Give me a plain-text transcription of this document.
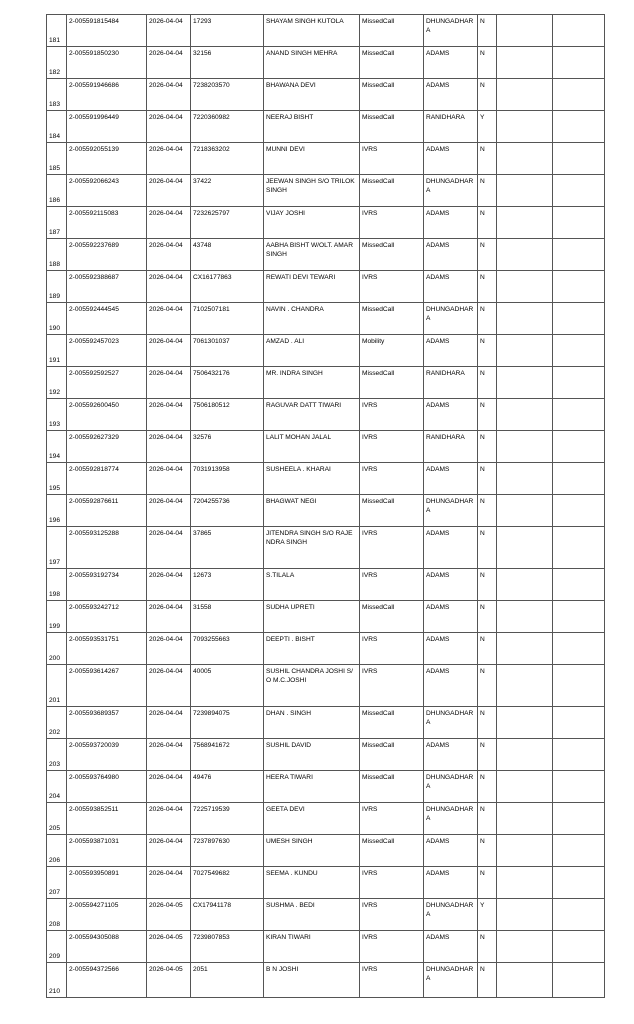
181	2-005591815484	2026-04-04	17293	SHAYAM SINGH KUTOLA	MissedCall	DHUNGADHAR A	N		
182	2-005591850230	2026-04-04	32156	ANAND SINGH MEHRA	MissedCall	ADAMS	N		
183	2-005591946686	2026-04-04	7238203570	BHAWANA DEVI	MissedCall	ADAMS	N		
184	2-005591996449	2026-04-04	7220360982	NEERAJ BISHT	MissedCall	RANIDHARA	Y		
185	2-005592055139	2026-04-04	7218363202	MUNNI DEVI	IVRS	ADAMS	N		
186	2-005592066243	2026-04-04	37422	JEEWAN SINGH S/O TRILOK SINGH	MissedCall	DHUNGADHAR A	N		
187	2-005592115083	2026-04-04	7232625797	VIJAY JOSHI	IVRS	ADAMS	N		
188	2-005592237689	2026-04-04	43748	AABHA BISHT W/OLT. AMAR SINGH	MissedCall	ADAMS	N		
189	2-005592388687	2026-04-04	CX16177863	REWATI DEVI TEWARI	IVRS	ADAMS	N		
190	2-005592444545	2026-04-04	7102507181	NAVIN . CHANDRA	MissedCall	DHUNGADHAR A	N		
191	2-005592457023	2026-04-04	7061301037	AMZAD . ALI	Mobility	ADAMS	N		
192	2-005592592527	2026-04-04	7506432176	MR. INDRA SINGH	MissedCall	RANIDHARA	N		
193	2-005592600450	2026-04-04	7506180512	RAGUVAR DATT TIWARI	IVRS	ADAMS	N		
194	2-005592627329	2026-04-04	32576	LALIT MOHAN JALAL	IVRS	RANIDHARA	N		
195	2-005592818774	2026-04-04	7031913958	SUSHEELA . KHARAI	IVRS	ADAMS	N		
196	2-005592876611	2026-04-04	7204255736	BHAGWAT NEGI	MissedCall	DHUNGADHAR A	N		
197	2-005593125288	2026-04-04	37865	JITENDRA SINGH S/O RAJENDRA SINGH	IVRS	ADAMS	N		
198	2-005593192734	2026-04-04	12673	S.TILALA	IVRS	ADAMS	N		
199	2-005593242712	2026-04-04	31558	SUDHA UPRETI	MissedCall	ADAMS	N		
200	2-005593531751	2026-04-04	7093255663	DEEPTI . BISHT	IVRS	ADAMS	N		
201	2-005593614267	2026-04-04	40005	SUSHIL CHANDRA JOSHI S/O M.C.JOSHI	IVRS	ADAMS	N		
202	2-005593689357	2026-04-04	7239894075	DHAN . SINGH	MissedCall	DHUNGADHAR A	N		
203	2-005593720039	2026-04-04	7568941672	SUSHIL DAVID	MissedCall	ADAMS	N		
204	2-005593764980	2026-04-04	49476	HEERA TIWARI	MissedCall	DHUNGADHAR A	N		
205	2-005593852511	2026-04-04	7225719539	GEETA DEVI	IVRS	DHUNGADHAR A	N		
206	2-005593871031	2026-04-04	7237897630	UMESH SINGH	MissedCall	ADAMS	N		
207	2-005593950891	2026-04-04	7027549682	SEEMA . KUNDU	IVRS	ADAMS	N		
208	2-005594271105	2026-04-05	CX17941178	SUSHMA . BEDI	IVRS	DHUNGADHAR A	Y		
209	2-005594305088	2026-04-05	7239807853	KIRAN TIWARI	IVRS	ADAMS	N		
210	2-005594372566	2026-04-05	2051	B N JOSHI	IVRS	DHUNGADHAR A	N		
